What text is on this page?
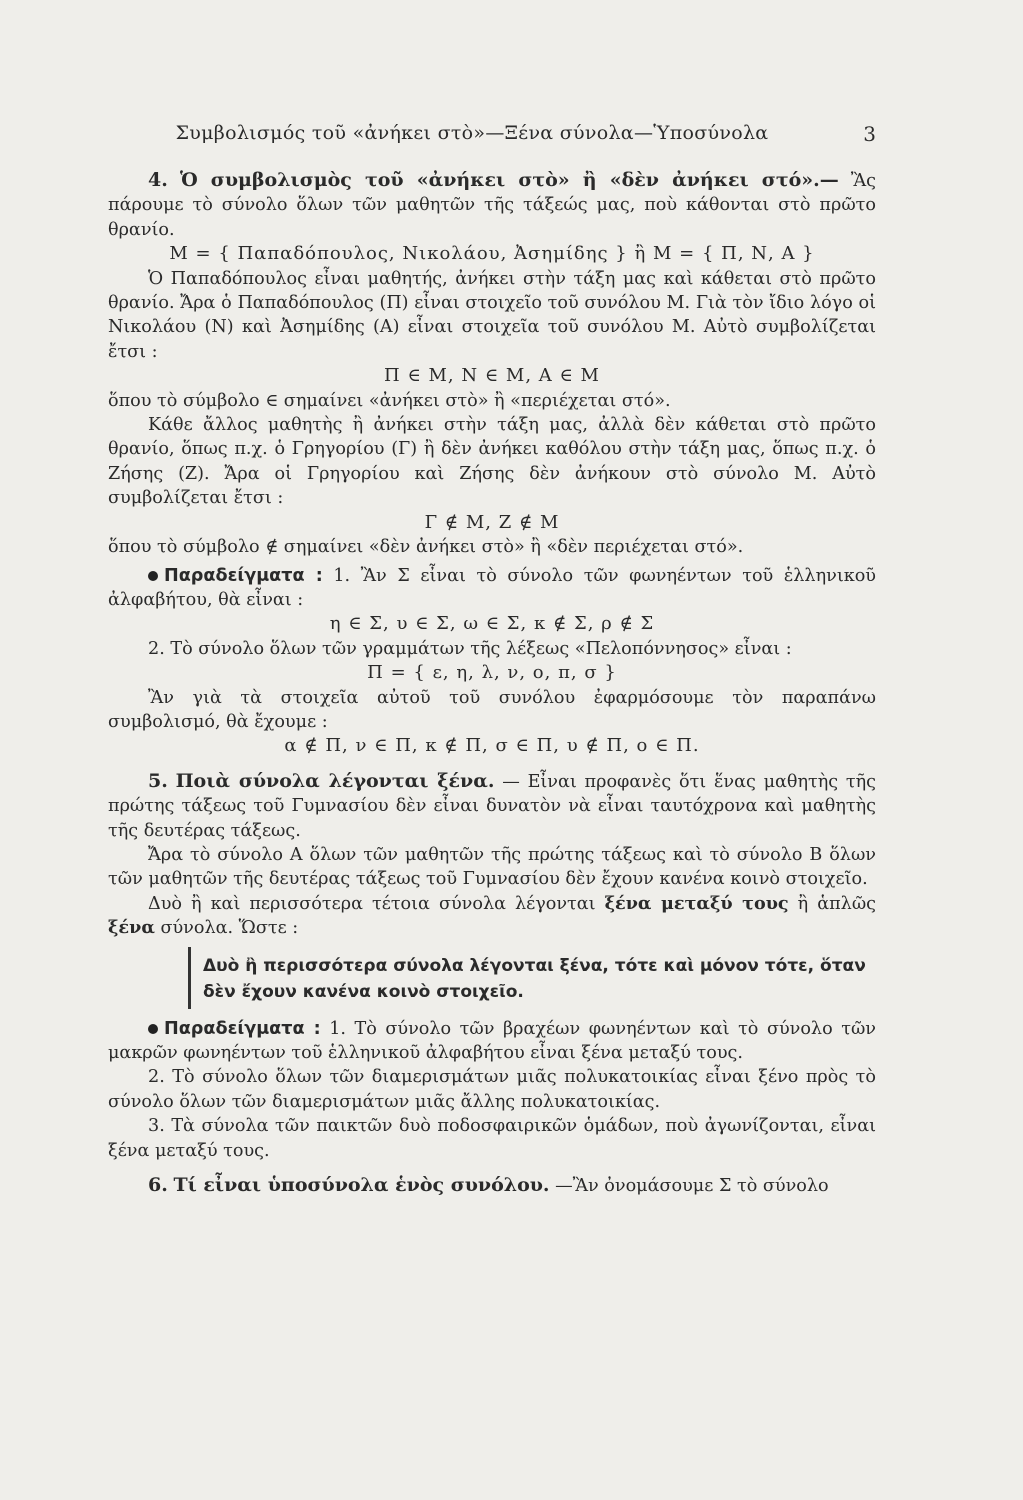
Συμβολισμός τοῦ «ἀνήκει στὸ»—Ξένα σύνολα—Ὑποσύνολα	3

4. Ὁ συμβολισμὸς τοῦ «ἀνήκει στὸ» ἢ «δὲν ἀνήκει στό».— Ἂς πάρουμε τὸ σύνολο ὅλων τῶν μαθητῶν τῆς τάξεώς μας, ποὺ κάθονται στὸ πρῶτο θρανίο.

Μ = { Παπαδόπουλος, Νικολάου, Ἀσημίδης } ἢ Μ = { Π, Ν, Α }

Ὁ Παπαδόπουλος εἶναι μαθητής, ἀνήκει στὴν τάξη μας καὶ κάθεται στὸ πρῶτο θρανίο. Ἄρα ὁ Παπαδόπουλος (Π) εἶναι στοιχεῖο τοῦ συνόλου Μ. Γιὰ τὸν ἴδιο λόγο οἱ Νικολάου (Ν) καὶ Ἀσημίδης (Α) εἶναι στοιχεῖα τοῦ συνόλου Μ. Αὐτὸ συμβολίζεται ἔτσι :

Π ∈ Μ, Ν ∈ Μ, Α ∈ Μ

ὅπου τὸ σύμβολο ∈ σημαίνει «ἀνήκει στὸ» ἢ «περιέχεται στό».

Κάθε ἄλλος μαθητὴς ἢ ἀνήκει στὴν τάξη μας, ἀλλὰ δὲν κάθεται στὸ πρῶτο θρανίο, ὅπως π.χ. ὁ Γρηγορίου (Γ) ἢ δὲν ἀνήκει καθόλου στὴν τάξη μας, ὅπως π.χ. ὁ Ζήσης (Ζ). Ἄρα οἱ Γρηγορίου καὶ Ζήσης δὲν ἀνήκουν στὸ σύνολο Μ. Αὐτὸ συμβολίζεται ἔτσι :

Γ ∉ Μ, Ζ ∉ Μ

ὅπου τὸ σύμβολο ∉ σημαίνει «δὲν ἀνήκει στὸ» ἢ «δὲν περιέχεται στό».

Παραδείγματα : 1. Ἂν Σ εἶναι τὸ σύνολο τῶν φωνηέντων τοῦ ἑλληνικοῦ ἀλφαβήτου, θὰ εἶναι :

η ∈ Σ, υ ∈ Σ, ω ∈ Σ, κ ∉ Σ, ρ ∉ Σ

2. Τὸ σύνολο ὅλων τῶν γραμμάτων τῆς λέξεως «Πελοπόννησος» εἶναι :

Π = { ε, η, λ, ν, ο, π, σ }

Ἂν γιὰ τὰ στοιχεῖα αὐτοῦ τοῦ συνόλου ἐφαρμόσουμε τὸν παραπάνω συμβολισμό, θὰ ἔχουμε :

α ∉ Π, ν ∈ Π, κ ∉ Π, σ ∈ Π, υ ∉ Π, ο ∈ Π.

5. Ποιὰ σύνολα λέγονται ξένα. — Εἶναι προφανὲς ὅτι ἕνας μαθητὴς τῆς πρώτης τάξεως τοῦ Γυμνασίου δὲν εἶναι δυνατὸν νὰ εἶναι ταυτόχρονα καὶ μαθητὴς τῆς δευτέρας τάξεως.

Ἄρα τὸ σύνολο Α ὅλων τῶν μαθητῶν τῆς πρώτης τάξεως καὶ τὸ σύνολο Β ὅλων τῶν μαθητῶν τῆς δευτέρας τάξεως τοῦ Γυμνασίου δὲν ἔχουν κανένα κοινὸ στοιχεῖο.

Δυὸ ἢ καὶ περισσότερα τέτοια σύνολα λέγονται ξένα μεταξύ τους ἢ ἁπλῶς ξένα σύνολα. Ὥστε :

Δυὸ ἢ περισσότερα σύνολα λέγονται ξένα, τότε καὶ μόνον τότε, ὅταν δὲν ἔχουν κανένα κοινὸ στοιχεῖο.

Παραδείγματα : 1. Τὸ σύνολο τῶν βραχέων φωνηέντων καὶ τὸ σύνολο τῶν μακρῶν φωνηέντων τοῦ ἑλληνικοῦ ἀλφαβήτου εἶναι ξένα μεταξύ τους.

2. Τὸ σύνολο ὅλων τῶν διαμερισμάτων μιᾶς πολυκατοικίας εἶναι ξένο πρὸς τὸ σύνολο ὅλων τῶν διαμερισμάτων μιᾶς ἄλλης πολυκατοικίας.

3. Τὰ σύνολα τῶν παικτῶν δυὸ ποδοσφαιρικῶν ὁμάδων, ποὺ ἀγωνίζονται, εἶναι ξένα μεταξύ τους.

6. Τί εἶναι ὑποσύνολα ἑνὸς συνόλου. —Ἂν ὀνομάσουμε Σ τὸ σύνολο
